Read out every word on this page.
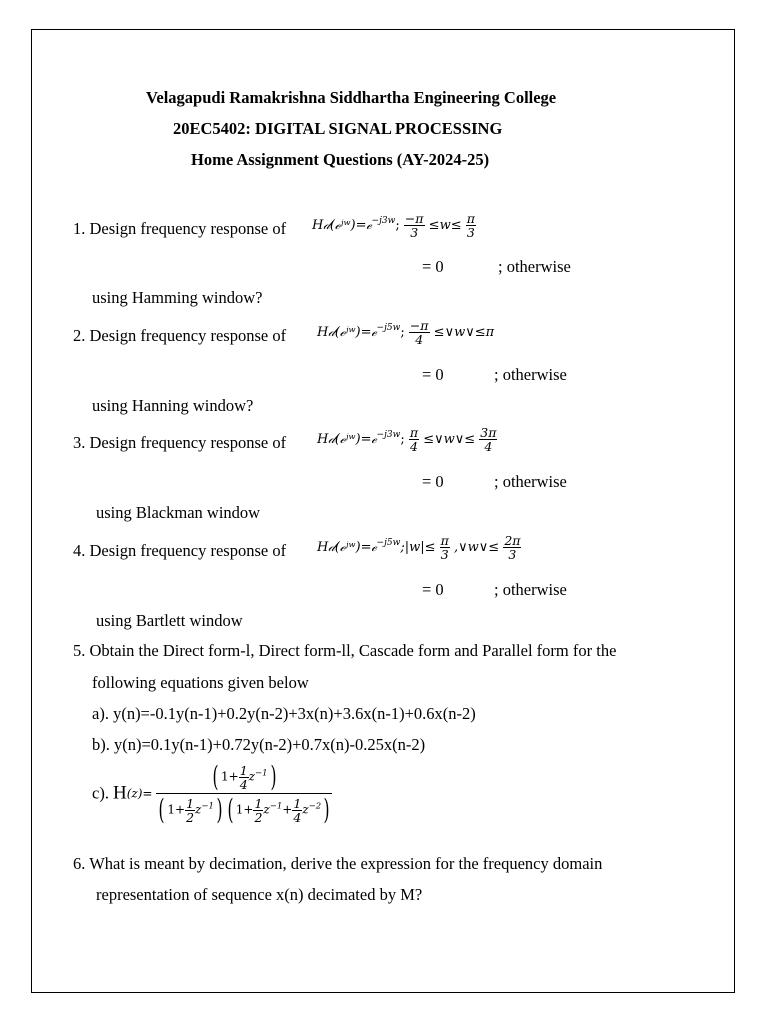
Velagapudi Ramakrishna Siddhartha Engineering College
20EC5402: DIGITAL SIGNAL PROCESSING
Home Assignment Questions (AY-2024-25)
1. Design frequency response of H𝒹(ℯʲʷ)=ℯ$^{-j3w}$; $\frac{-\pi}{3} \le w\le \frac{\pi}{3}$
= 0	; otherwise
using Hamming window?
2. Design frequency response of H𝒹(ℯʲʷ)=ℯ$^{-j5w}$; $\frac{-\pi}{4}$ ≤∨w∨≤π
= 0	; otherwise
using Hanning window?
3. Design frequency response of H𝒹(ℯʲʷ)=ℯ$^{-j3w}$; $\frac{\pi}{4}$ ≤∨w∨≤ $\frac{3\pi}{4}$
= 0	; otherwise
using Blackman window
4. Design frequency response of H𝒹(ℯʲʷ)=ℯ$^{-j5w}$;|w|≤ $\frac{\pi}{3}$ ,∨w∨≤ $\frac{2\pi}{3}$
= 0	; otherwise
using Bartlett window
5. Obtain the Direct form-l, Direct form-ll, Cascade form and Parallel form for the
following equations given below
a). y(n)=-0.1y(n-1)+0.2y(n-2)+3x(n)+3.6x(n-1)+0.6x(n-2)
b). y(n)=0.1y(n-1)+0.72y(n-2)+0.7x(n)-0.25x(n-2)
c). $H(z)= \frac{( 1+ \frac{1}{4} z^{-1})}{( 1+ \frac{1}{2} z^{-1}) ( 1+ \frac{1}{2} z^{-1}+ \frac{1}{4} z^{-2})}$
6. What is meant by decimation, derive the expression for the frequency domain
representation of sequence x(n) decimated by M?
